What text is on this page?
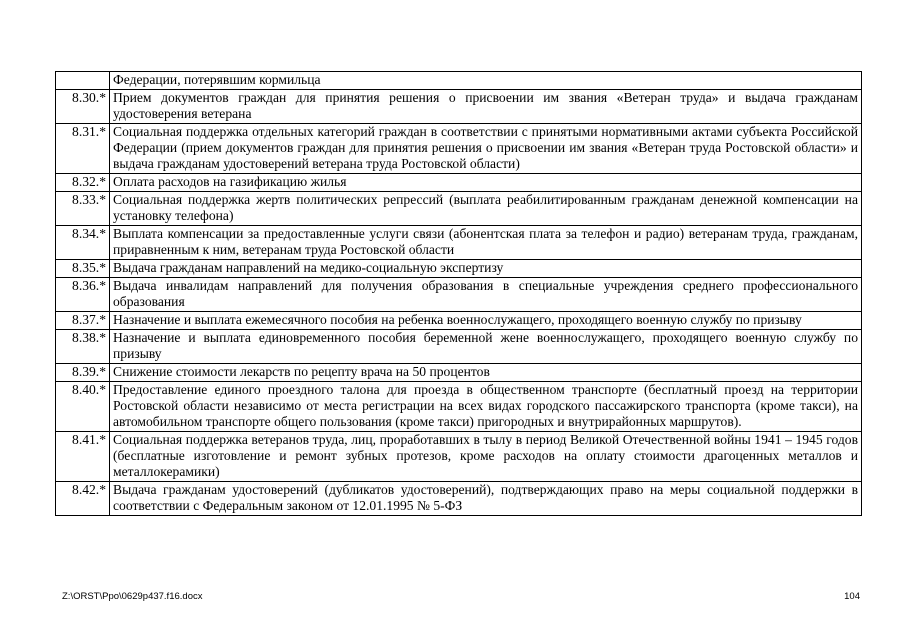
	Федерации, потерявшим кормильца
8.30.*	Прием документов граждан для принятия решения о присвоении им звания «Ветеран труда» и выдача гражданам удостоверения ветерана
8.31.*	Социальная поддержка отдельных категорий граждан в соответствии с принятыми нормативными актами субъекта Российской Федерации (прием документов граждан для принятия решения о присвоении им звания «Ветеран труда Ростовской области» и выдача гражданам удостоверений ветерана труда Ростовской области)
8.32.*	Оплата расходов на газификацию жилья
8.33.*	Социальная поддержка жертв политических репрессий (выплата реабилитированным гражданам денежной компенсации на установку телефона)
8.34.*	Выплата компенсации за предоставленные услуги связи (абонентская плата за телефон и радио) ветеранам труда, гражданам, приравненным к ним, ветеранам труда Ростовской области
8.35.*	Выдача гражданам направлений на медико-социальную экспертизу
8.36.*	Выдача инвалидам направлений для получения образования в специальные учреждения среднего профессионального образования
8.37.*	Назначение и выплата ежемесячного пособия на ребенка военнослужащего, проходящего военную службу по призыву
8.38.*	Назначение и выплата единовременного пособия беременной жене военнослужащего, проходящего военную службу по призыву
8.39.*	Снижение стоимости лекарств по рецепту врача на 50 процентов
8.40.*	Предоставление единого проездного талона для проезда в общественном транспорте (бесплатный проезд на территории Ростовской области независимо от места регистрации на всех видах городского пассажирского транспорта (кроме такси), на автомобильном транспорте общего пользования (кроме такси) пригородных и внутрирайонных маршрутов).
8.41.*	Социальная поддержка ветеранов труда, лиц, проработавших в тылу в период Великой Отечественной войны 1941 – 1945 годов (бесплатные изготовление и ремонт зубных протезов, кроме расходов на оплату стоимости драгоценных металлов и металлокерамики)
8.42.*	Выдача гражданам удостоверений (дубликатов удостоверений), подтверждающих право на меры социальной поддержки в соответствии с Федеральным законом от 12.01.1995 № 5-ФЗ
Z:\ORST\Ppo\0629p437.f16.docx	104
